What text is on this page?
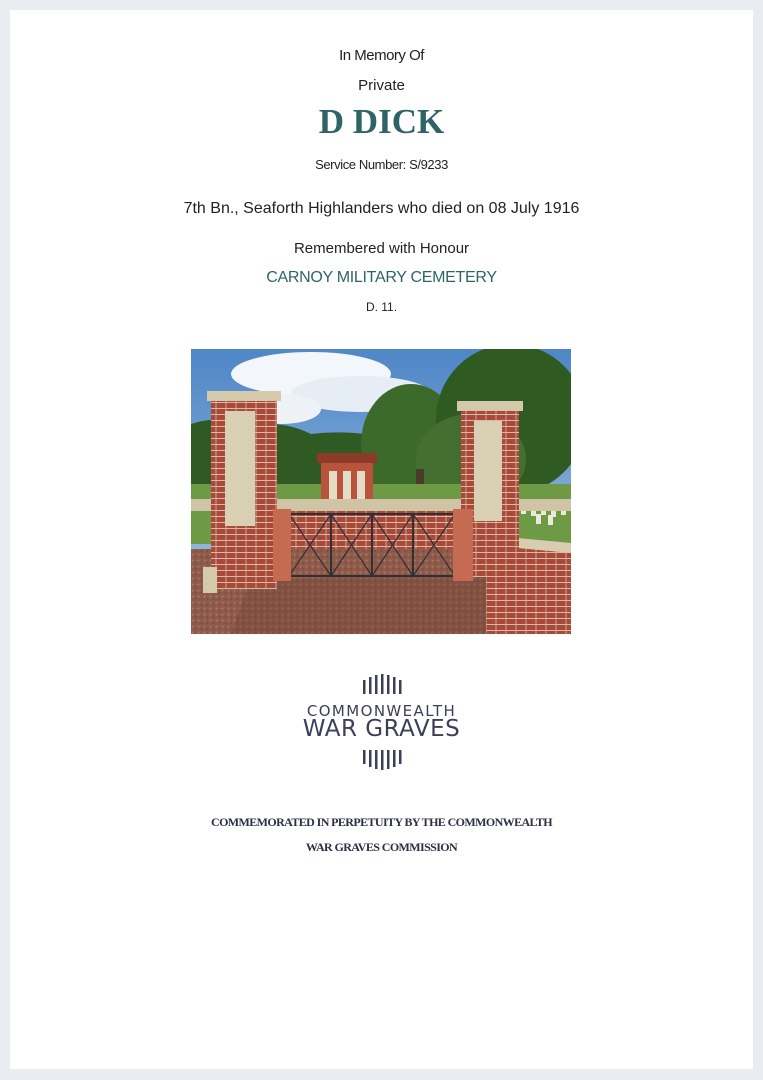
In Memory Of
Private
D DICK
Service Number: S/9233
7th Bn., Seaforth Highlanders who died on 08 July 1916
Remembered with Honour
CARNOY MILITARY CEMETERY
D. 11.
COMMONWEALTH
WAR GRAVES
COMMEMORATED IN PERPETUITY BY THE COMMONWEALTH
WAR GRAVES COMMISSION
